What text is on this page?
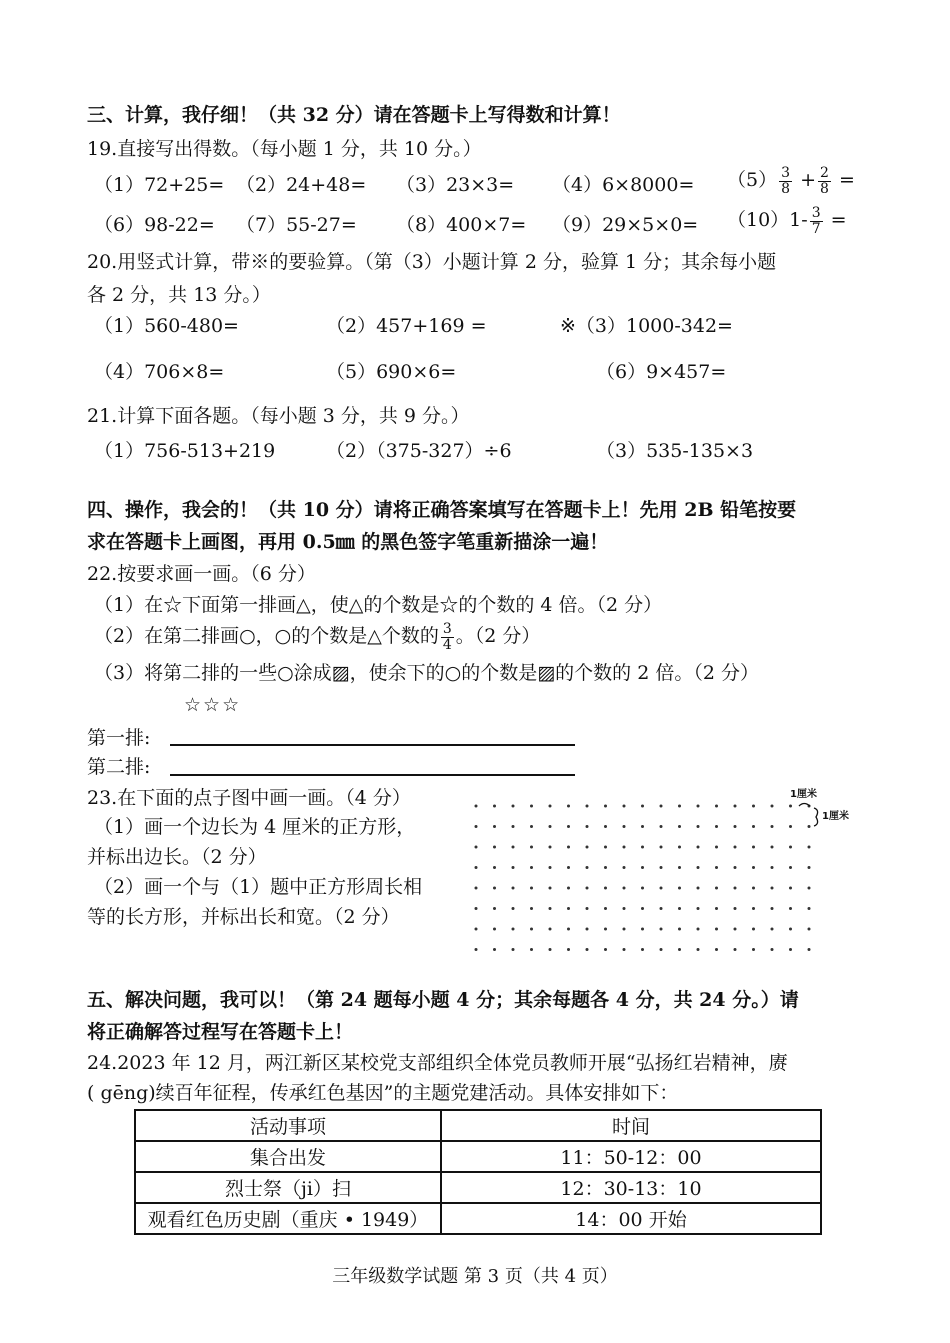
三、计算，我仔细！（共 32 分）请在答题卡上写得数和计算！
19.直接写出得数。（每小题 1 分，共 10 分。）
$(1)72+25= (2)24+48= (3)23\times 3= (4)6\times 8000= (5) \frac{3}{8} + \frac{2}{8}$ =
$(6)98-22= (7)55-27= (8)400\times 7= (9)29\times 5\times 0= (10)1- \frac{3}{7}$ =
20.用竖式计算，带※的要验算。（第（3）小题计算 2 分，验算 1 分；其余每小题
各 2 分，共 13 分。）
（1）560-480=	（2）457+169 =	※（3）1000-342=
（4）706×8=	（5）690×6=	（6）9×457=
21.计算下面各题。（每小题 3 分，共 9 分。）
（1）756-513+219	（2）（375-327）÷6	（3）535-135×3
四、操作，我会的！（共 10 分）请将正确答案填写在答题卡上！先用 2B 铅笔按要
求在答题卡上画图，再用 0.5㎜ 的黑色签字笔重新描涂一遍！
22.按要求画一画。（6 分）
（1）在☆下面第一排画△，使△的个数是☆的个数的 4 倍。（2 分）
（2）在第二排画○，○的个数是△个数的 $\frac{3}{4}$ 。（2 分）
（3）将第二排的一些○涂成▨，使余下的○的个数是▨的个数的 2 倍。（2 分）
☆☆☆
第一排:
第二排:
23.在下面的点子图中画一画。（4 分）
（1）画一个边长为 4 厘米的正方形，
并标出边长。（2 分）
（2）画一个与（1）题中正方形周长相
等的长方形，并标出长和宽。（2 分）
1厘米
1厘米
五、解决问题，我可以！（第 24 题每小题 4 分；其余每题各 4 分，共 24 分。）请
将正确解答过程写在答题卡上！
24.2023 年 12 月，两江新区某校党支部组织全体党员教师开展“弘扬红岩精神，赓
( gēng)续百年征程，传承红色基因”的主题党建活动。具体安排如下：
活动事项	时间
集合出发	11：50-12：00
烈士祭（ji）扫	12：30-13：10
观看红色历史剧（重庆 • 1949）	14：00 开始
三年级数学试题 第 3 页（共 4 页）
